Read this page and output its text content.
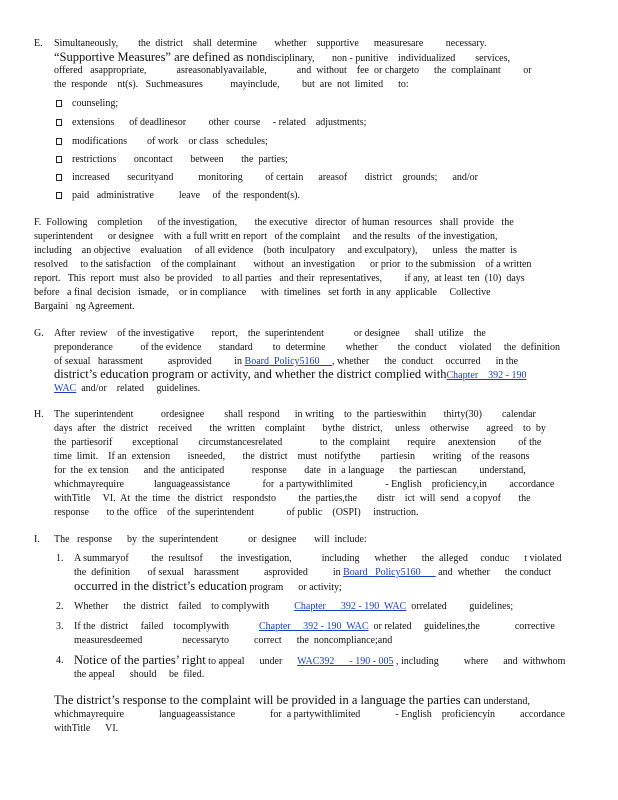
E. Simultaneously,        the  district    shall  determine       whether    supportive      measuresare         necessary.
“Supportive Measures” are defined as nondisciplinary,       non - punitive    individualized        services,
offered   asappropriate,            asreasonablyavailable,            and  without    fee  or chargeto      the  complainant         or
the  responde    nt(s).   Suchmeasures           mayinclude,         but  are  not  limited      to:
counseling;
extensions      of deadlinesor         other  course     - related    adjustments;
modifications        of work    or class   schedules;
restrictions       oncontact       between       the  parties;
increased       securityand          monitoring         of certain      areasof       district    grounds;      and/or
paid   administrative          leave     of  the  respondent(s).
F.  Following    completion      of the investigation,       the executive   director  of human  resources   shall  provide   the
superintendent      or designee    with  a full writt en report   of the complaint     and the results   of the investigation,
including    an objective    evaluation     of all evidence    (both  inculpatory     and exculpatory),      unless   the matter  is
resolved     to the satisfaction    of the complainant       without   an investigation      or prior  to the submission    of a written
report.   This  report  must  also  be provided    to all parties   and their  representatives,         if any,  at least  ten  (10)  days
before   a final  decision   ismade,    or in compliance      with  timelines   set forth  in any  applicable     Collective
Bargaini   ng Agreement.
G. After  review    of the investigative       report,    the  superintendent            or designee      shall  utilize    the
preponderance           of the evidence       standard        to  determine        whether        the  conduct     violated     the  definition
of sexual   harassment          asprovided         in Board  Policy5160     , whether      the  conduct     occurred      in the
district’s education program or activity, and whether the district complied withChapter    392 - 190
WAC  and/or    related     guidelines.
H. The  superintendent           ordesignee        shall  respond      in writing    to  the  partieswithin       thirty(30)        calendar
days  after   the  district    received       the  written    complaint       bythe   district,     unless    otherwise       agreed    to  by
the  partiesorif        exceptional        circumstancesrelated               to  the  complaint       require     anextension         of the
time  limit.    If an  extension       isneeded,       the  district    must   notifythe        partiesin       writing    of the  reasons
for  the  ex tension      and  the  anticipated           response       date   in  a language      the  partiescan         understand,
whichmayrequire            languageassistance             for  a partywithlimited             - English    proficiency,in         accordance
withTitle     VI.  At  the  time   the  district    respondsto         the  parties,the        distr    ict  will  send   a copyof       the
response       to the  office    of the  superintendent             of public    (OSPI)     instruction.
I. The   response      by  the  superintendent            or  designee       will  include:
1. A summaryof         the  resultsof       the  investigation,            including      whether      the  alleged     conduc      t violated
the  definition       of sexual    harassment          asprovided          in Board   Policy5160       and  whether      the conduct
occurred in the district’s education program      or activity;
2. Whether      the  district    failed    to complywith          Chapter      392 - 190  WAC  orrelated         guidelines;
3. If the  district     failed    tocomplywith            Chapter     392 - 190  WAC  or related     guidelines,the              corrective
measuresdeemed                necessaryto          correct      the  noncompliance;and
4. Notice of the parties’ right to appeal      under      WAC392      - 190 - 005 , including          where      and  withwhom
the appeal      should     be  filed.
The district’s response to the complaint will be provided in a language the parties can understand,
whichmayrequire              languageassistance              for  a partywithlimited              - English    proficiencyin          accordance
withTitle      VI.
